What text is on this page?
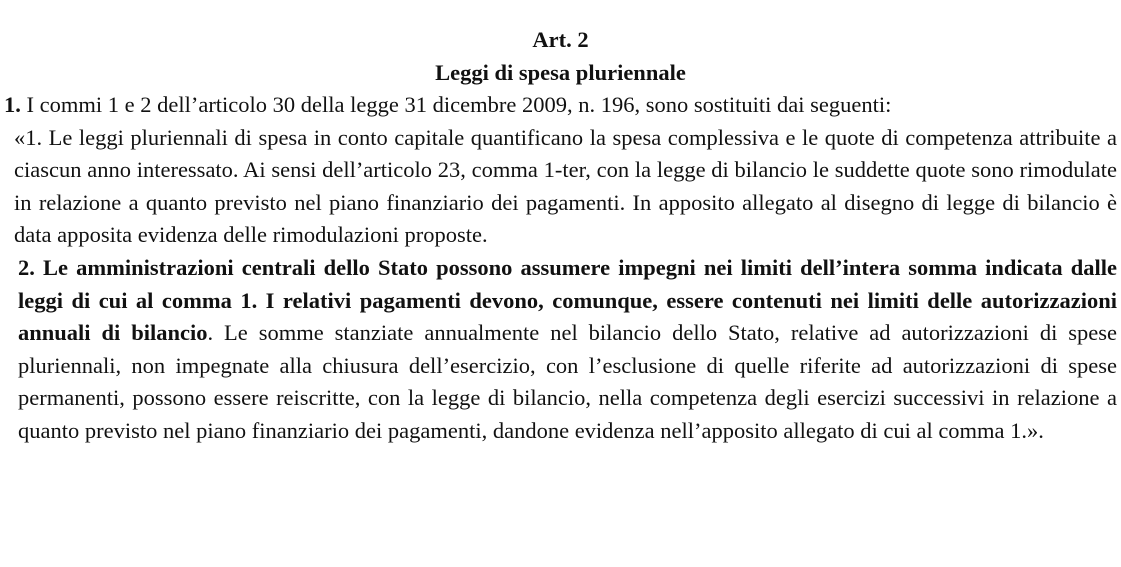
Art. 2
Leggi di spesa pluriennale

1. I commi 1 e 2 dell’articolo 30 della legge 31 dicembre 2009, n. 196, sono sostituiti dai seguenti:

«1. Le leggi pluriennali di spesa in conto capitale quantificano la spesa complessiva e le quote di competenza attribuite a ciascun anno interessato. Ai sensi dell’articolo 23, comma 1-ter, con la legge di bilancio le suddette quote sono rimodulate in relazione a quanto previsto nel piano finanziario dei pagamenti. In apposito allegato al disegno di legge di bilancio è data apposita evidenza delle rimodulazioni proposte.

2. Le amministrazioni centrali dello Stato possono assumere impegni nei limiti dell’intera somma indicata dalle leggi di cui al comma 1. I relativi pagamenti devono, comunque, essere contenuti nei limiti delle autorizzazioni annuali di bilancio. Le somme stanziate annualmente nel bilancio dello Stato, relative ad autorizzazioni di spese pluriennali, non impegnate alla chiusura dell’esercizio, con l’esclusione di quelle riferite ad autorizzazioni di spese permanenti, possono essere reiscritte, con la legge di bilancio, nella competenza degli esercizi successivi in relazione a quanto previsto nel piano finanziario dei pagamenti, dandone evidenza nell’apposito allegato di cui al comma 1.».
